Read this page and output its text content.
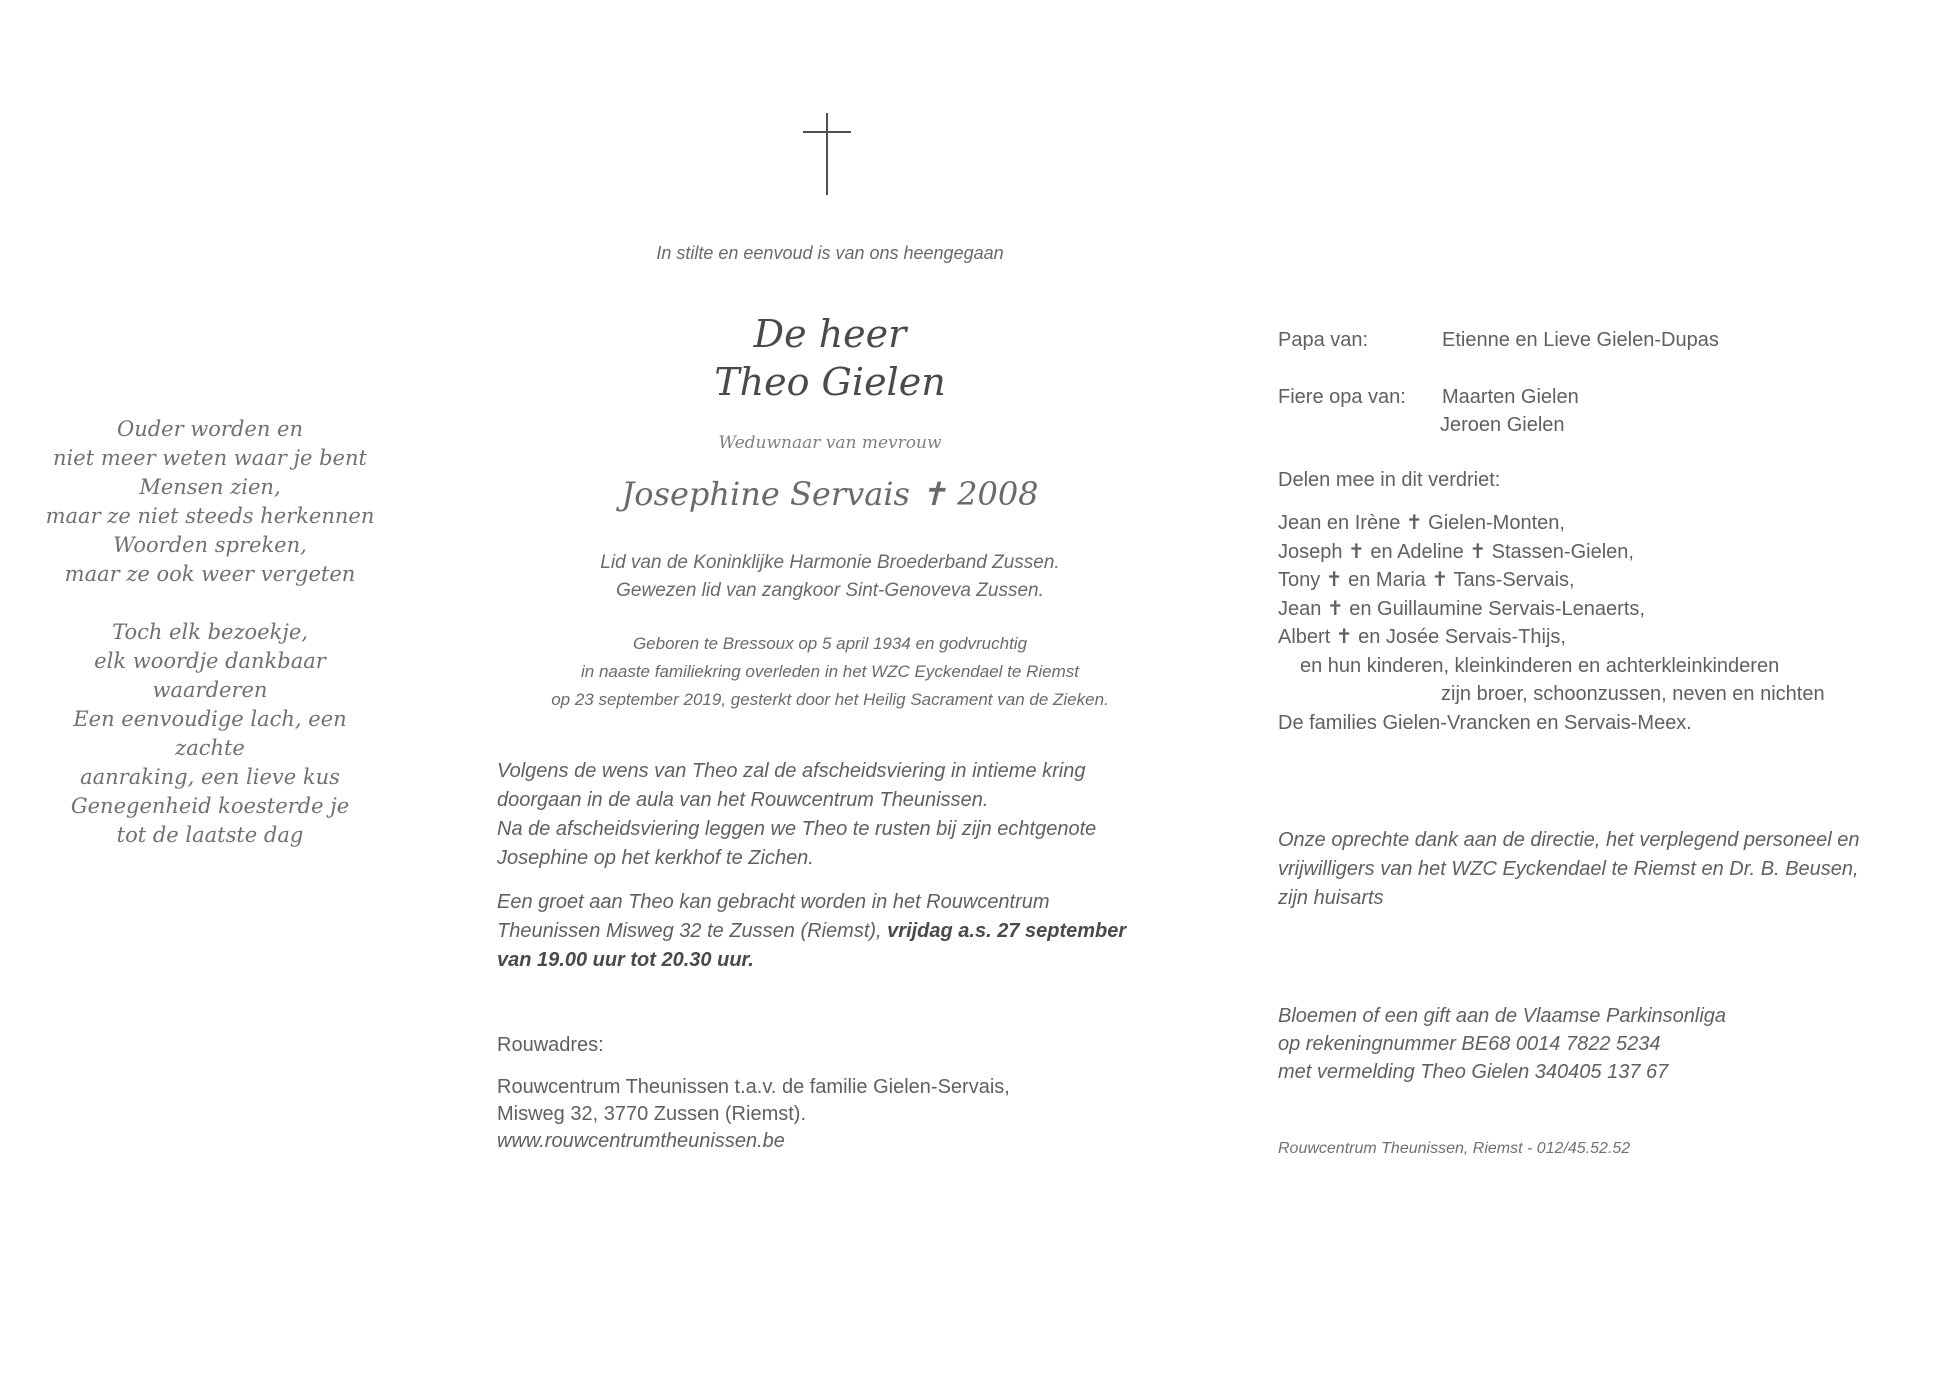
Ouder worden en
niet meer weten waar je bent
Mensen zien,
maar ze niet steeds herkennen
Woorden spreken,
maar ze ook weer vergeten
Toch elk bezoekje,
elk woordje dankbaar waarderen
Een eenvoudige lach, een zachte
aanraking, een lieve kus
Genegenheid koesterde je
tot de laatste dag
In stilte en eenvoud is van ons heengegaan
De heer
Theo Gielen
Weduwnaar van mevrouw
Josephine Servais ✝ 2008
Lid van de Koninklijke Harmonie Broederband Zussen.
Gewezen lid van zangkoor Sint-Genoveva Zussen.
Geboren te Bressoux op 5 april 1934 en godvruchtig
in naaste familiekring overleden in het WZC Eyckendael te Riemst
op 23 september 2019, gesterkt door het Heilig Sacrament van de Zieken.
Volgens de wens van Theo zal de afscheidsviering in intieme kring
doorgaan in de aula van het Rouwcentrum Theunissen.
Na de afscheidsviering leggen we Theo te rusten bij zijn echtgenote
Josephine op het kerkhof te Zichen.
Een groet aan Theo kan gebracht worden in het Rouwcentrum
Theunissen Misweg 32 te Zussen (Riemst), vrijdag a.s. 27 september
van 19.00 uur tot 20.30 uur.
Rouwadres:
Rouwcentrum Theunissen t.a.v. de familie Gielen-Servais,
Misweg 32, 3770 Zussen (Riemst).
www.rouwcentrumtheunissen.be
Papa van:	Etienne en Lieve Gielen-Dupas
Fiere opa van: Maarten Gielen
Jeroen Gielen
Delen mee in dit verdriet:
Jean en Irène ✝ Gielen-Monten,
Joseph ✝ en Adeline ✝ Stassen-Gielen,
Tony ✝ en Maria ✝ Tans-Servais,
Jean ✝ en Guillaumine Servais-Lenaerts,
Albert ✝ en Josée Servais-Thijs,
en hun kinderen, kleinkinderen en achterkleinkinderen
zijn broer, schoonzussen, neven en nichten
De families Gielen-Vrancken en Servais-Meex.
Onze oprechte dank aan de directie, het verplegend personeel en
vrijwilligers van het WZC Eyckendael te Riemst en Dr. B. Beusen,
zijn huisarts
Bloemen of een gift aan de Vlaamse Parkinsonliga
op rekeningnummer BE68 0014 7822 5234
met vermelding Theo Gielen 340405 137 67
Rouwcentrum Theunissen, Riemst - 012/45.52.52
